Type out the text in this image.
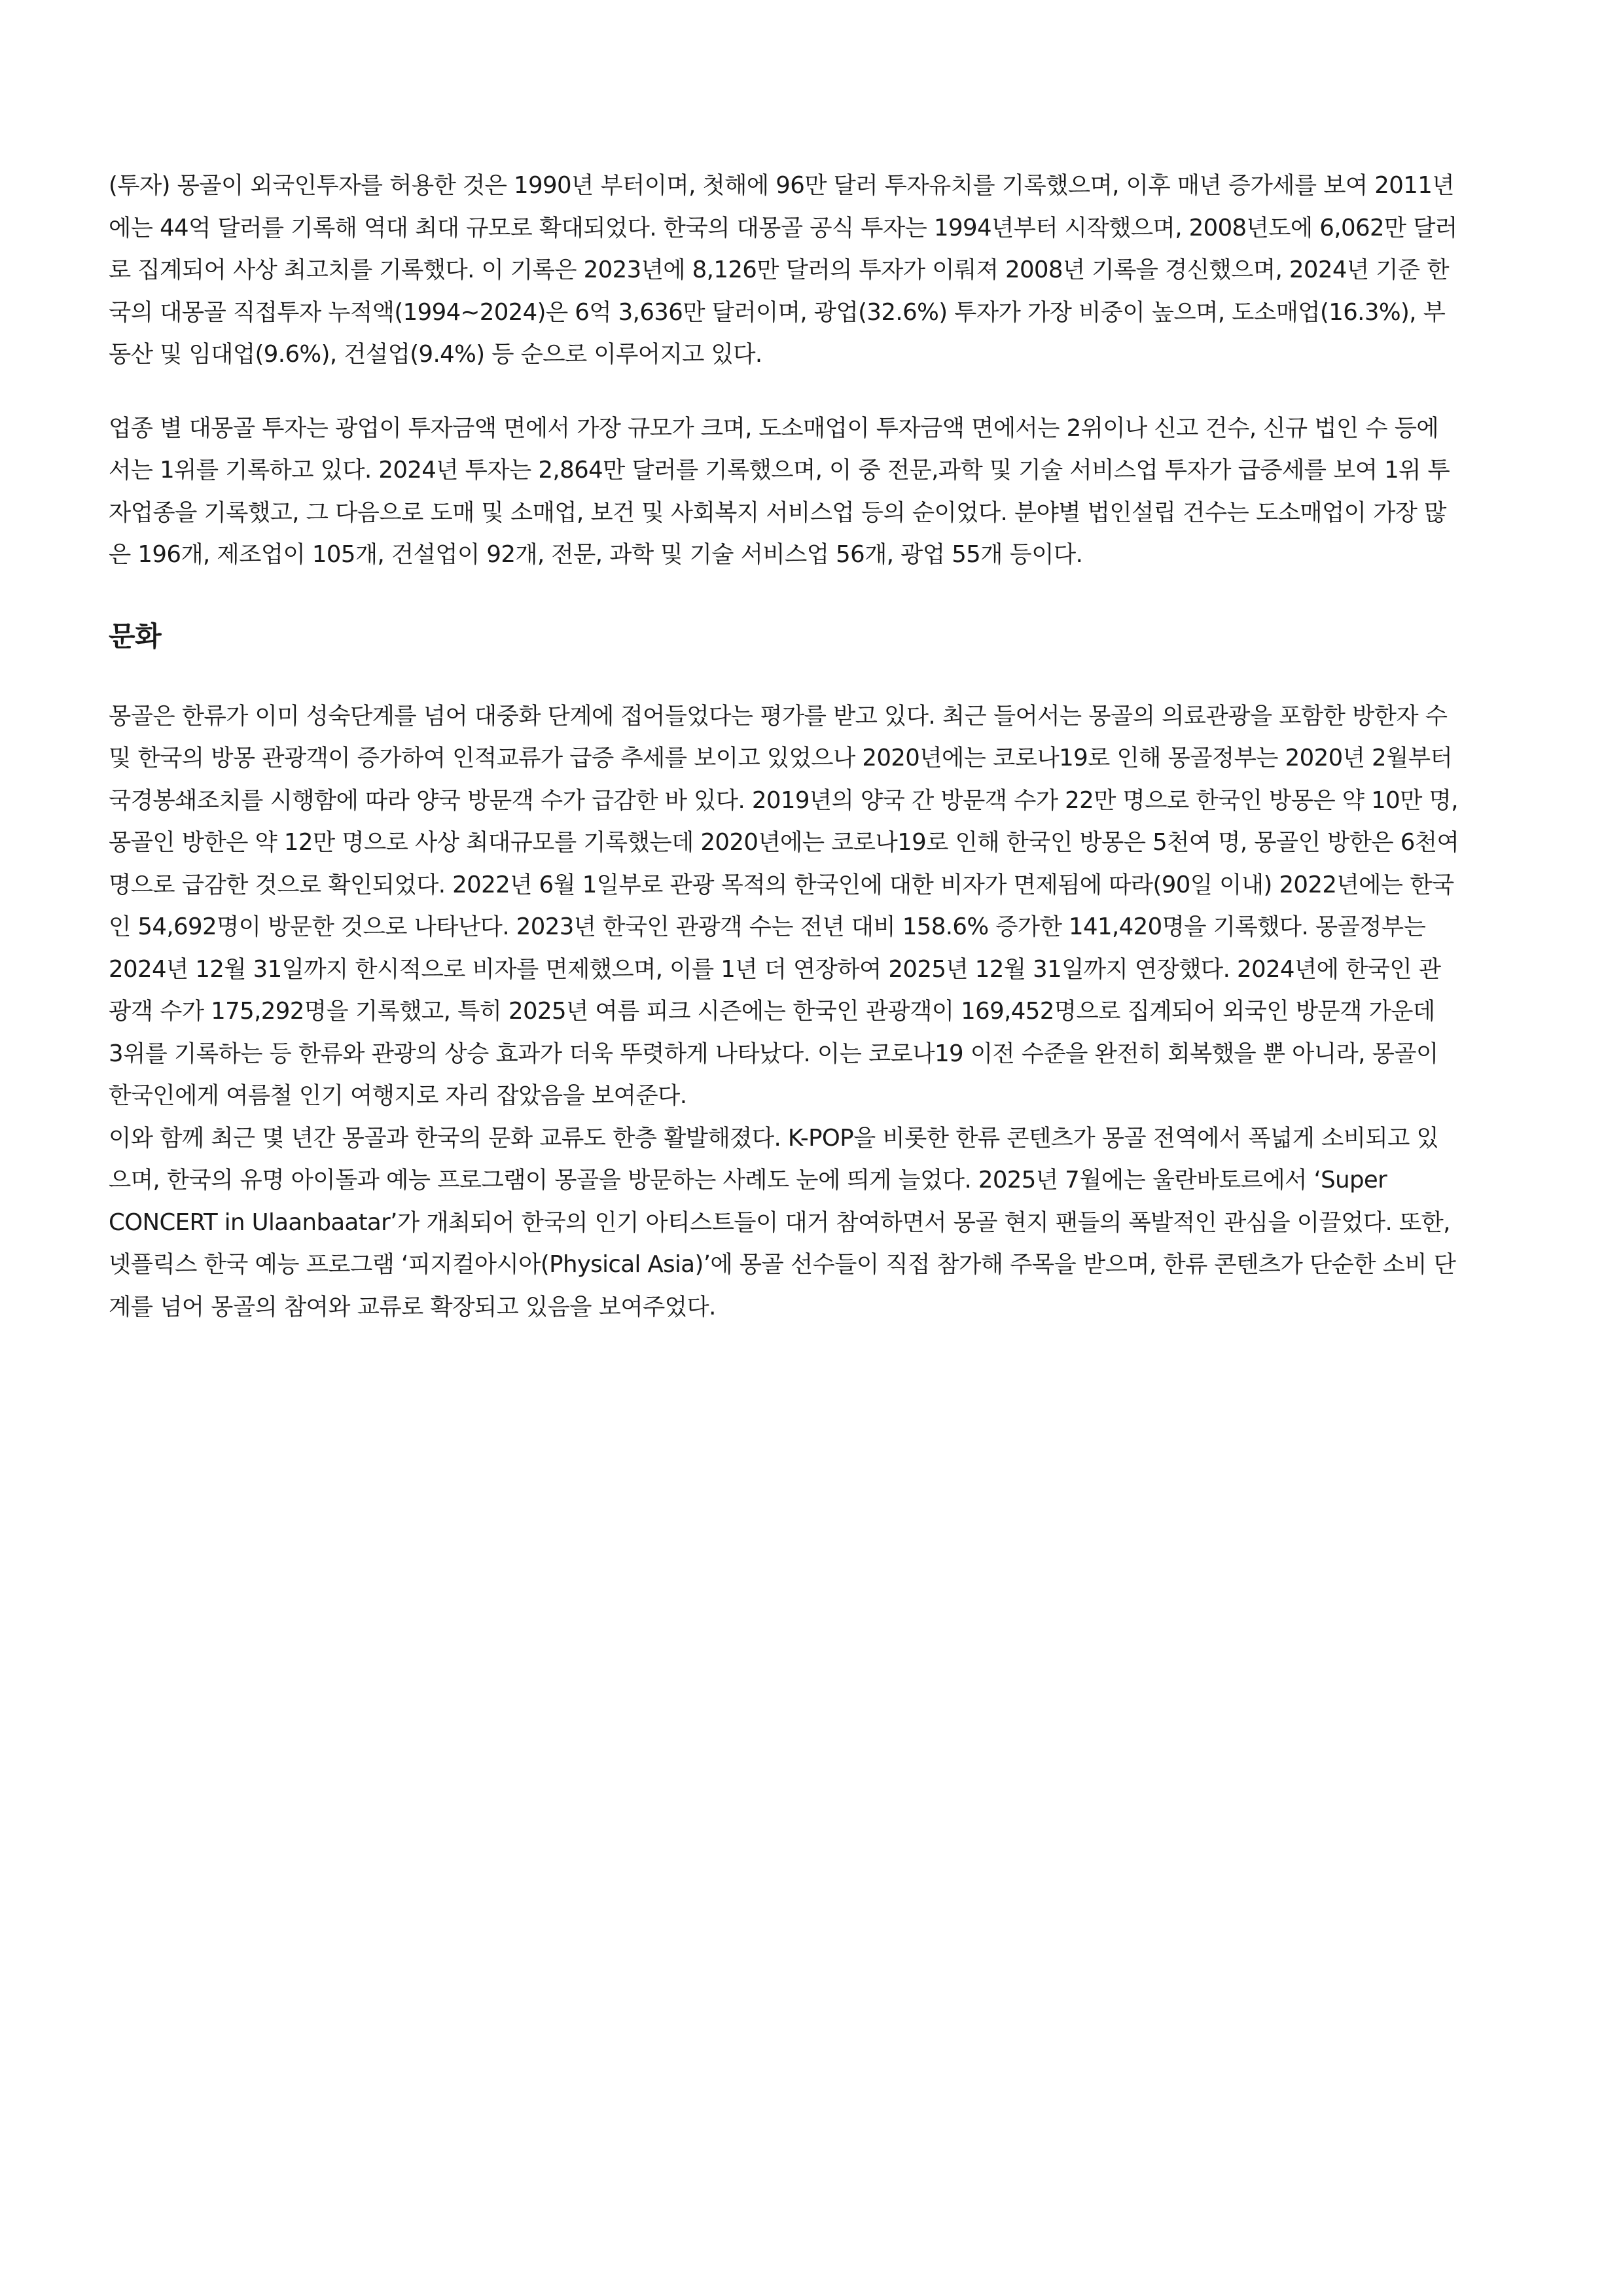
(투자) 몽골이 외국인투자를 허용한 것은 1990년 부터이며, 첫해에 96만 달러 투자유치를 기록했으며, 이후 매년 증가세를 보여 2011년
에는 44억 달러를 기록해 역대 최대 규모로 확대되었다. 한국의 대몽골 공식 투자는 1994년부터 시작했으며, 2008년도에 6,062만 달러
로 집계되어 사상 최고치를 기록했다. 이 기록은 2023년에 8,126만 달러의 투자가 이뤄져 2008년 기록을 경신했으며, 2024년 기준 한
국의 대몽골 직접투자 누적액(1994~2024)은 6억 3,636만 달러이며, 광업(32.6%) 투자가 가장 비중이 높으며, 도소매업(16.3%), 부
동산 및 임대업(9.6%), 건설업(9.4%) 등 순으로 이루어지고 있다.

업종 별 대몽골 투자는 광업이 투자금액 면에서 가장 규모가 크며, 도소매업이 투자금액 면에서는 2위이나 신고 건수, 신규 법인 수 등에
서는 1위를 기록하고 있다. 2024년 투자는 2,864만 달러를 기록했으며, 이 중 전문,과학 및 기술 서비스업 투자가 급증세를 보여 1위 투
자업종을 기록했고, 그 다음으로 도매 및 소매업, 보건 및 사회복지 서비스업 등의 순이었다. 분야별 법인설립 건수는 도소매업이 가장 많
은 196개, 제조업이 105개, 건설업이 92개, 전문, 과학 및 기술 서비스업 56개, 광업 55개 등이다.

문화

몽골은 한류가 이미 성숙단계를 넘어 대중화 단계에 접어들었다는 평가를 받고 있다. 최근 들어서는 몽골의 의료관광을 포함한 방한자 수
및 한국의 방몽 관광객이 증가하여 인적교류가 급증 추세를 보이고 있었으나 2020년에는 코로나19로 인해 몽골정부는 2020년 2월부터
국경봉쇄조치를 시행함에 따라 양국 방문객 수가 급감한 바 있다. 2019년의 양국 간 방문객 수가 22만 명으로 한국인 방몽은 약 10만 명,
몽골인 방한은 약 12만 명으로 사상 최대규모를 기록했는데 2020년에는 코로나19로 인해 한국인 방몽은 5천여 명, 몽골인 방한은 6천여
명으로 급감한 것으로 확인되었다. 2022년 6월 1일부로 관광 목적의 한국인에 대한 비자가 면제됨에 따라(90일 이내) 2022년에는 한국
인 54,692명이 방문한 것으로 나타난다. 2023년 한국인 관광객 수는 전년 대비 158.6% 증가한 141,420명을 기록했다. 몽골정부는
2024년 12월 31일까지 한시적으로 비자를 면제했으며, 이를 1년 더 연장하여 2025년 12월 31일까지 연장했다. 2024년에 한국인 관
광객 수가 175,292명을 기록했고, 특히 2025년 여름 피크 시즌에는 한국인 관광객이 169,452명으로 집계되어 외국인 방문객 가운데
3위를 기록하는 등 한류와 관광의 상승 효과가 더욱 뚜렷하게 나타났다. 이는 코로나19 이전 수준을 완전히 회복했을 뿐 아니라, 몽골이
한국인에게 여름철 인기 여행지로 자리 잡았음을 보여준다.

이와 함께 최근 몇 년간 몽골과 한국의 문화 교류도 한층 활발해졌다. K-POP을 비롯한 한류 콘텐츠가 몽골 전역에서 폭넓게 소비되고 있
으며, 한국의 유명 아이돌과 예능 프로그램이 몽골을 방문하는 사례도 눈에 띄게 늘었다. 2025년 7월에는 울란바토르에서 ‘Super
CONCERT in Ulaanbaatar’가 개최되어 한국의 인기 아티스트들이 대거 참여하면서 몽골 현지 팬들의 폭발적인 관심을 이끌었다. 또한,
넷플릭스 한국 예능 프로그램 ‘피지컬아시아(Physical Asia)’에 몽골 선수들이 직접 참가해 주목을 받으며, 한류 콘텐츠가 단순한 소비 단
계를 넘어 몽골의 참여와 교류로 확장되고 있음을 보여주었다.
